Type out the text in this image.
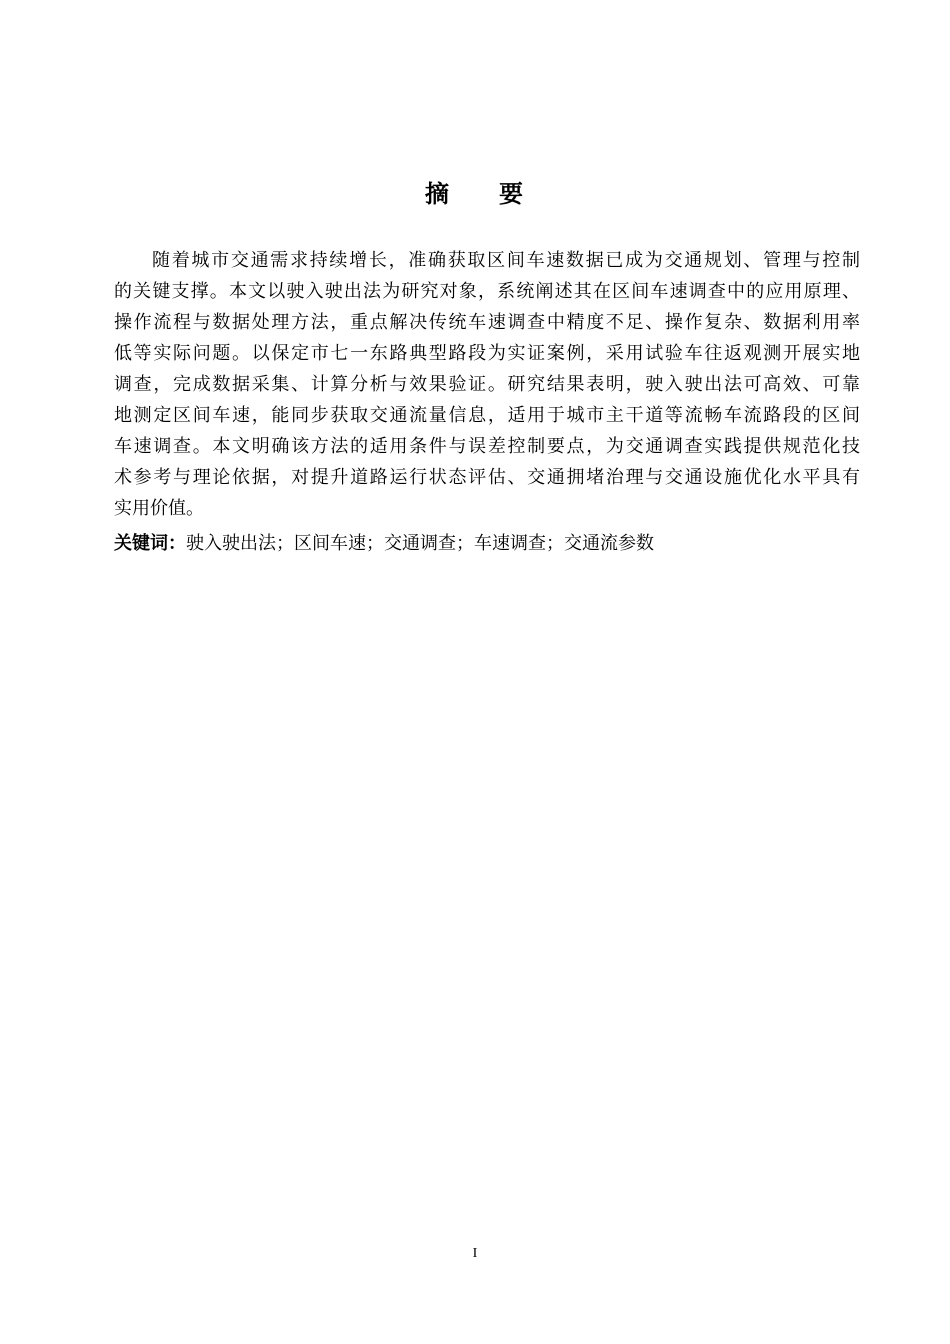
摘 要
随着城市交通需求持续增长，准确获取区间车速数据已成为交通规划、管理与控制
的关键支撑。本文以驶入驶出法为研究对象，系统阐述其在区间车速调查中的应用原理、
操作流程与数据处理方法，重点解决传统车速调查中精度不足、操作复杂、数据利用率
低等实际问题。以保定市七一东路典型路段为实证案例，采用试验车往返观测开展实地
调查，完成数据采集、计算分析与效果验证。研究结果表明，驶入驶出法可高效、可靠
地测定区间车速，能同步获取交通流量信息，适用于城市主干道等流畅车流路段的区间
车速调查。本文明确该方法的适用条件与误差控制要点，为交通调查实践提供规范化技
术参考与理论依据，对提升道路运行状态评估、交通拥堵治理与交通设施优化水平具有
实用价值。
关键词：驶入驶出法；区间车速；交通调查；车速调查；交通流参数
I
